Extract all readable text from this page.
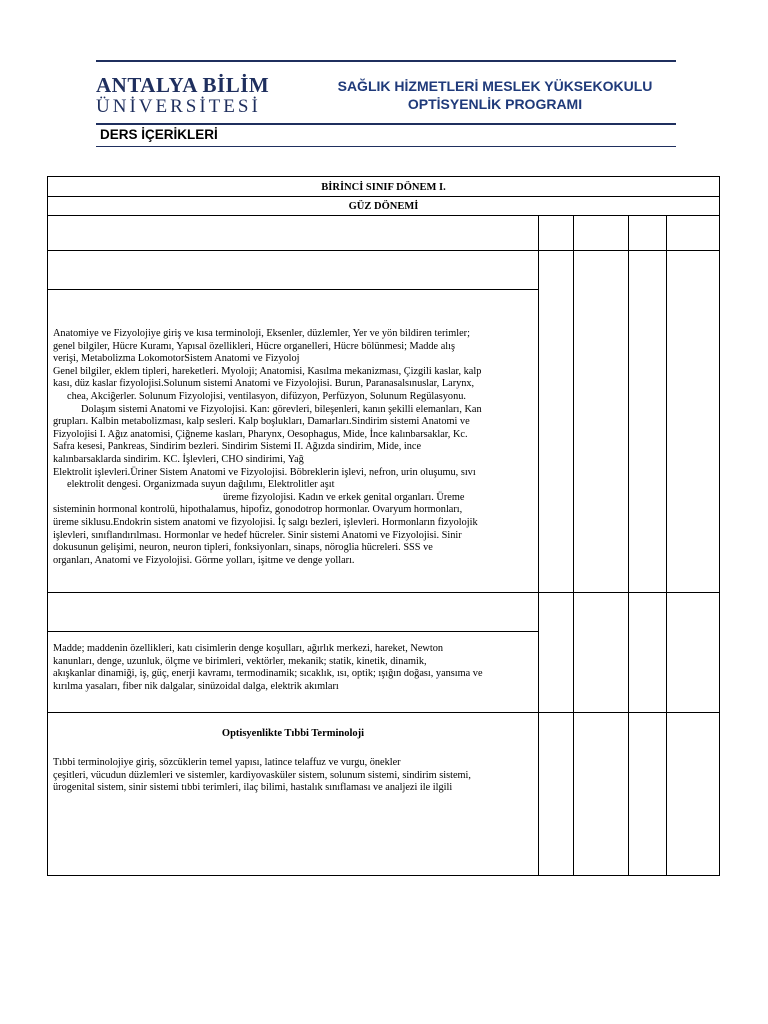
ANTALYA BİLİM
ÜNİVERSİTESİ
SAĞLIK HİZMETLERİ MESLEK YÜKSEKOKULU
OPTİSYENLİK PROGRAMI
DERS İÇERİKLERİ
BİRİNCİ SINIF DÖNEM I.
GÜZ DÖNEMİ
Anatomiye ve Fizyolojiye giriş ve kısa terminoloji, Eksenler, düzlemler, Yer ve yön bildiren terimler;
genel bilgiler, Hücre Kuramı, Yapısal özellikleri, Hücre organelleri, Hücre bölünmesi; Madde alış
verişi, Metabolizma LokomotorSistem Anatomi ve Fizyoloj
Genel bilgiler, eklem tipleri, hareketleri. Myoloji; Anatomisi, Kasılma mekanizması, Çizgili kaslar, kalp
kası, düz kaslar fizyolojisi.Solunum sistemi Anatomi ve Fizyolojisi. Burun, Paranasalsınuslar, Larynx,
chea, Akciğerler. Solunum Fizyolojisi, ventilasyon, difüzyon, Perfüzyon, Solunum Regülasyonu.
Dolaşım sistemi Anatomi ve Fizyolojisi. Kan: görevleri, bileşenleri, kanın şekilli elemanları, Kan
grupları. Kalbin metabolizması, kalp sesleri. Kalp boşlukları, Damarları.Sindirim sistemi Anatomi ve
Fizyolojisi I. Ağız anatomisi, Çiğneme kasları, Pharynx, Oesophagus, Mide, İnce kalınbarsaklar, Kc.
Safra kesesi, Pankreas, Sindirim bezleri. Sindirim Sistemi II. Ağızda sindirim, Mide, ince
kalınbarsaklarda sindirim. KC. İşlevleri, CHO sindirimi, Yağ
Elektrolit işlevleri.Üriner Sistem Anatomi ve Fizyolojisi. Böbreklerin işlevi, nefron, urin oluşumu, sıvı
elektrolit dengesi. Organizmada suyun dağılımı, Elektrolitler aşıt
üreme fizyolojisi. Kadın ve erkek genital organları. Üreme
sisteminin hormonal kontrolü, hipothalamus, hipofiz, gonodotrop hormonlar. Ovaryum hormonları,
üreme siklusu.Endokrin sistem anatomi ve fizyolojisi. İç salgı bezleri, işlevleri. Hormonların fizyolojik
işlevleri, sınıflandırılması. Hormonlar ve hedef hücreler. Sinir sistemi Anatomi ve Fizyolojisi. Sinir
dokusunun gelişimi, neuron, neuron tipleri, fonksiyonları, sinaps, nöroglia hücreleri. SSS ve
organları, Anatomi ve Fizyolojisi. Görme yolları, işitme ve denge yolları.
Madde; maddenin özellikleri, katı cisimlerin denge koşulları, ağırlık merkezi, hareket, Newton
kanunları, denge, uzunluk, ölçme ve birimleri, vektörler, mekanik; statik, kinetik, dinamik,
akışkanlar dinamiği, iş, güç, enerji kavramı, termodinamik; sıcaklık, ısı, optik; ışığın doğası, yansıma ve
kırılma yasaları, fiber nik dalgalar, sinüzoidal dalga, elektrik akımları
Optisyenlikte Tıbbi Terminoloji
Tıbbi terminolojiye giriş, sözcüklerin temel yapısı, latince telaffuz ve vurgu, önekler
çeşitleri, vücudun düzlemleri ve sistemler, kardiyovasküler sistem, solunum sistemi, sindirim sistemi,
ürogenital sistem, sinir sistemi tıbbi terimleri, ilaç bilimi, hastalık sınıflaması ve analjezi ile ilgili
